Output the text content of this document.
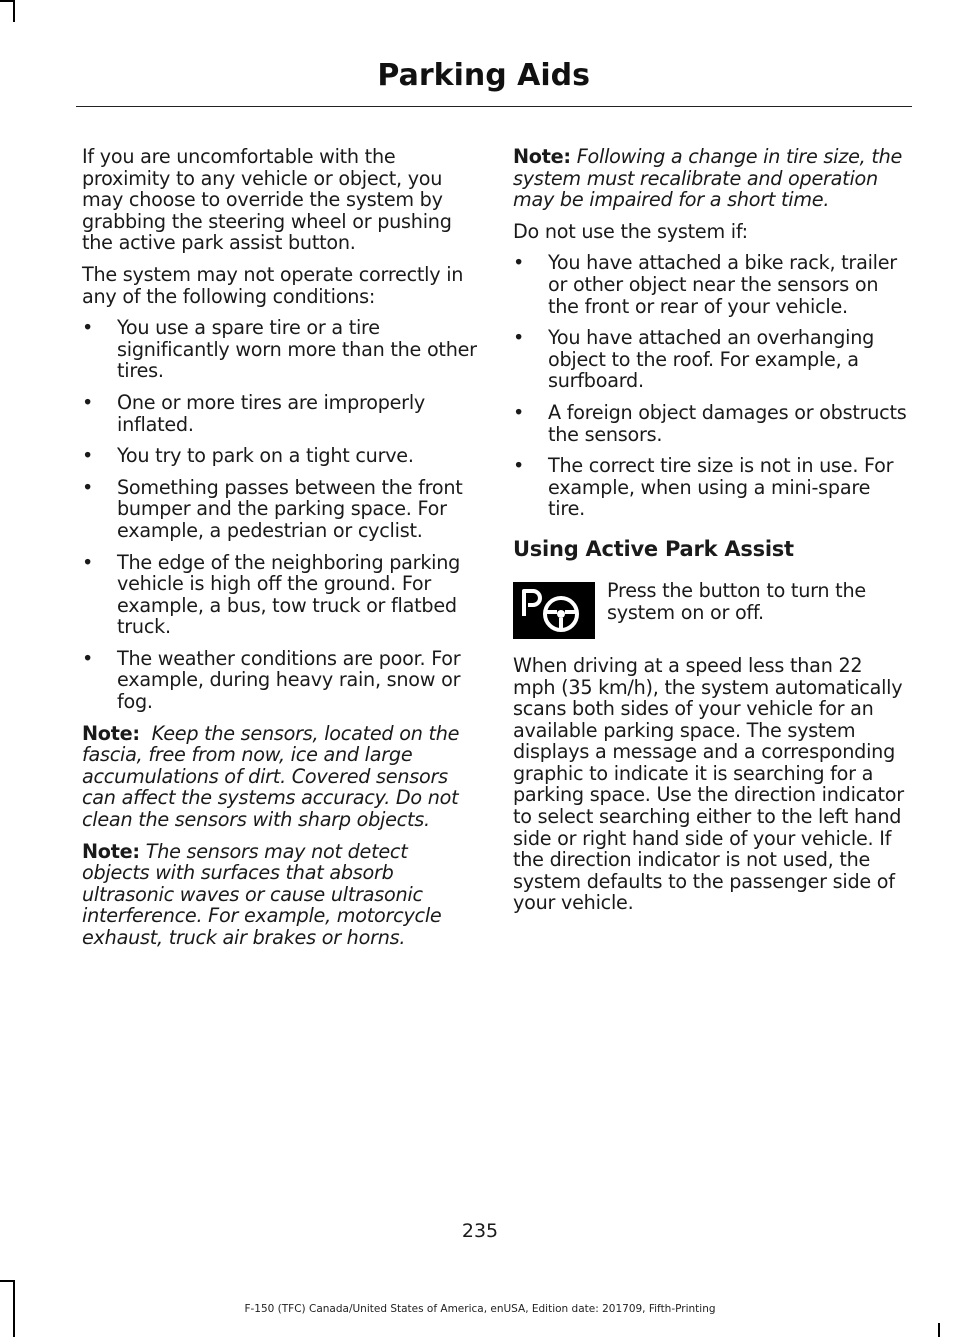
Parking Aids

If you are uncomfortable with the proximity to any vehicle or object, you may choose to override the system by grabbing the steering wheel or pushing the active park assist button.

The system may not operate correctly in any of the following conditions:

• You use a spare tire or a tire significantly worn more than the other tires.
• One or more tires are improperly inflated.
• You try to park on a tight curve.
• Something passes between the front bumper and the parking space. For example, a pedestrian or cyclist.
• The edge of the neighboring parking vehicle is high off the ground. For example, a bus, tow truck or flatbed truck.
• The weather conditions are poor. For example, during heavy rain, snow or fog.

Note: Keep the sensors, located on the fascia, free from now, ice and large accumulations of dirt. Covered sensors can affect the systems accuracy. Do not clean the sensors with sharp objects.

Note: The sensors may not detect objects with surfaces that absorb ultrasonic waves or cause ultrasonic interference. For example, motorcycle exhaust, truck air brakes or horns.

Note: Following a change in tire size, the system must recalibrate and operation may be impaired for a short time.

Do not use the system if:

• You have attached a bike rack, trailer or other object near the sensors on the front or rear of your vehicle.
• You have attached an overhanging object to the roof. For example, a surfboard.
• A foreign object damages or obstructs the sensors.
• The correct tire size is not in use. For example, when using a mini-spare tire.
Using Active Park Assist
Press the button to turn the system on or off.

When driving at a speed less than 22 mph (35 km/h), the system automatically scans both sides of your vehicle for an available parking space. The system displays a message and a corresponding graphic to indicate it is searching for a parking space. Use the direction indicator to select searching either to the left hand side or right hand side of your vehicle. If the direction indicator is not used, the system defaults to the passenger side of your vehicle.

235
F-150 (TFC) Canada/United States of America, enUSA, Edition date: 201709, Fifth-Printing
